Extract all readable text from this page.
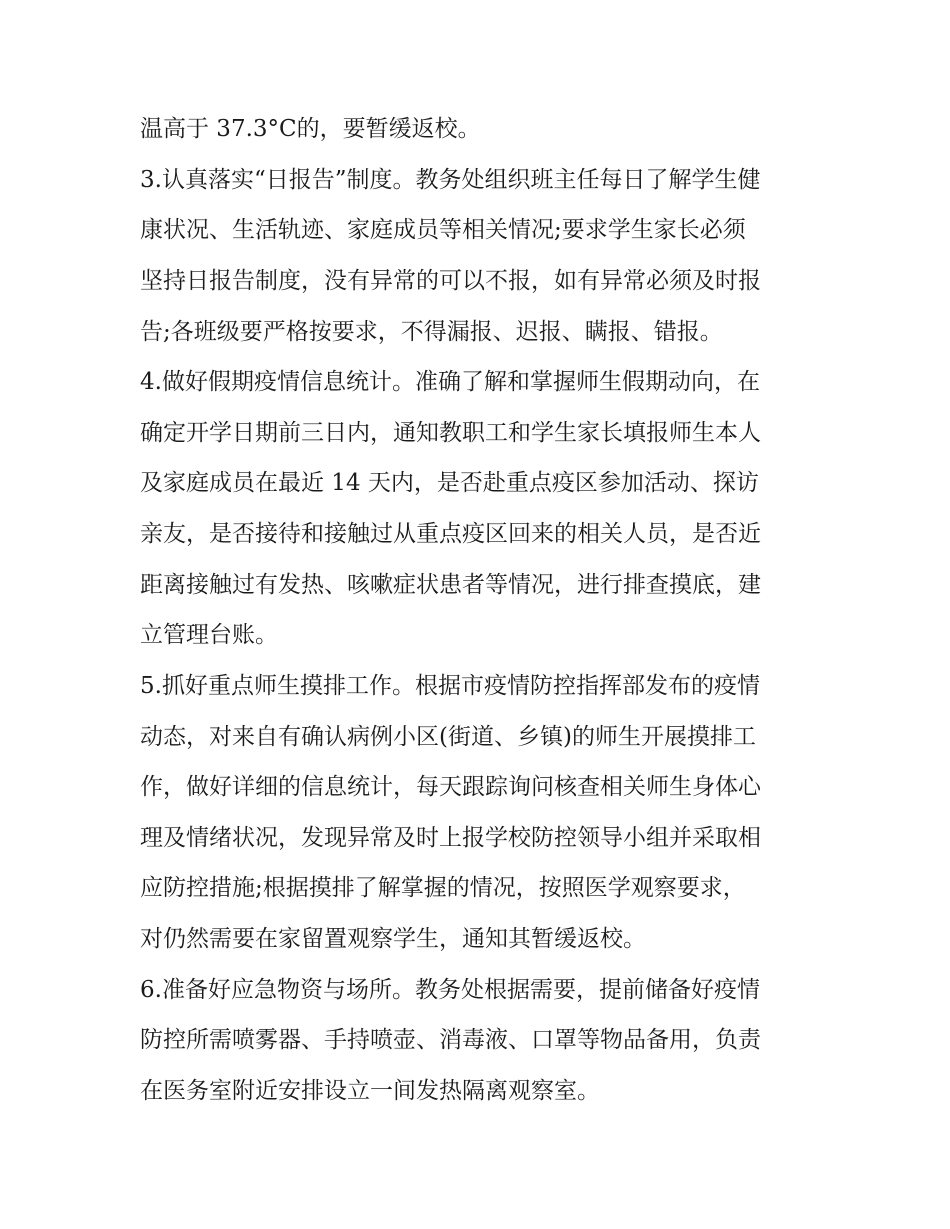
温高于 37.3°C的，要暂缓返校。
3.认真落实“日报告”制度。教务处组织班主任每日了解学生健
康状况、生活轨迹、家庭成员等相关情况;要求学生家长必须
坚持日报告制度，没有异常的可以不报，如有异常必须及时报
告;各班级要严格按要求，不得漏报、迟报、瞒报、错报。
4.做好假期疫情信息统计。准确了解和掌握师生假期动向，在
确定开学日期前三日内，通知教职工和学生家长填报师生本人
及家庭成员在最近 14 天内，是否赴重点疫区参加活动、探访
亲友，是否接待和接触过从重点疫区回来的相关人员，是否近
距离接触过有发热、咳嗽症状患者等情况，进行排查摸底，建
立管理台账。
5.抓好重点师生摸排工作。根据市疫情防控指挥部发布的疫情
动态，对来自有确认病例小区(街道、乡镇)的师生开展摸排工
作，做好详细的信息统计，每天跟踪询问核查相关师生身体心
理及情绪状况，发现异常及时上报学校防控领导小组并采取相
应防控措施;根据摸排了解掌握的情况，按照医学观察要求，
对仍然需要在家留置观察学生，通知其暂缓返校。
6.准备好应急物资与场所。教务处根据需要，提前储备好疫情
防控所需喷雾器、手持喷壶、消毒液、口罩等物品备用，负责
在医务室附近安排设立一间发热隔离观察室。
